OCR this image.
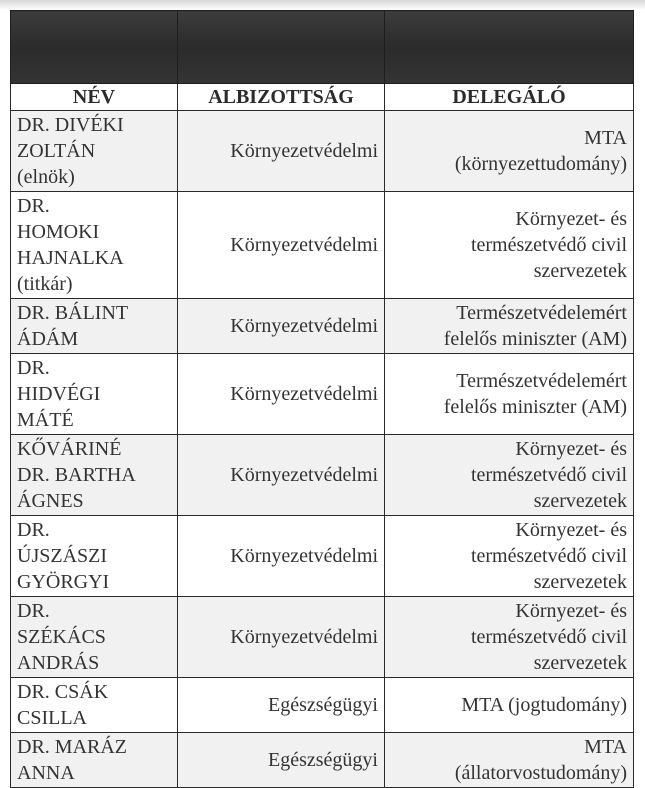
NÉV	ALBIZOTTSÁG	DELEGÁLÓ
DR. DIVÉKI
ZOLTÁN
(elnök)	Környezetvédelmi	MTA
(környezettudomány)
DR.
HOMOKI
HAJNALKA
(titkár)	Környezetvédelmi	Környezet- és
természetvédő civil
szervezetek
DR. BÁLINT
ÁDÁM	Környezetvédelmi	Természetvédelemért
felelős miniszter (AM)
DR.
HIDVÉGI
MÁTÉ	Környezetvédelmi	Természetvédelemért
felelős miniszter (AM)
KŐVÁRINÉ
DR. BARTHA
ÁGNES	Környezetvédelmi	Környezet- és
természetvédő civil
szervezetek
DR.
ÚJSZÁSZI
GYÖRGYI	Környezetvédelmi	Környezet- és
természetvédő civil
szervezetek
DR.
SZÉKÁCS
ANDRÁS	Környezetvédelmi	Környezet- és
természetvédő civil
szervezetek
DR. CSÁK
CSILLA	Egészségügyi	MTA (jogtudomány)
DR. MARÁZ
ANNA	Egészségügyi	MTA
(állatorvostudomány)
